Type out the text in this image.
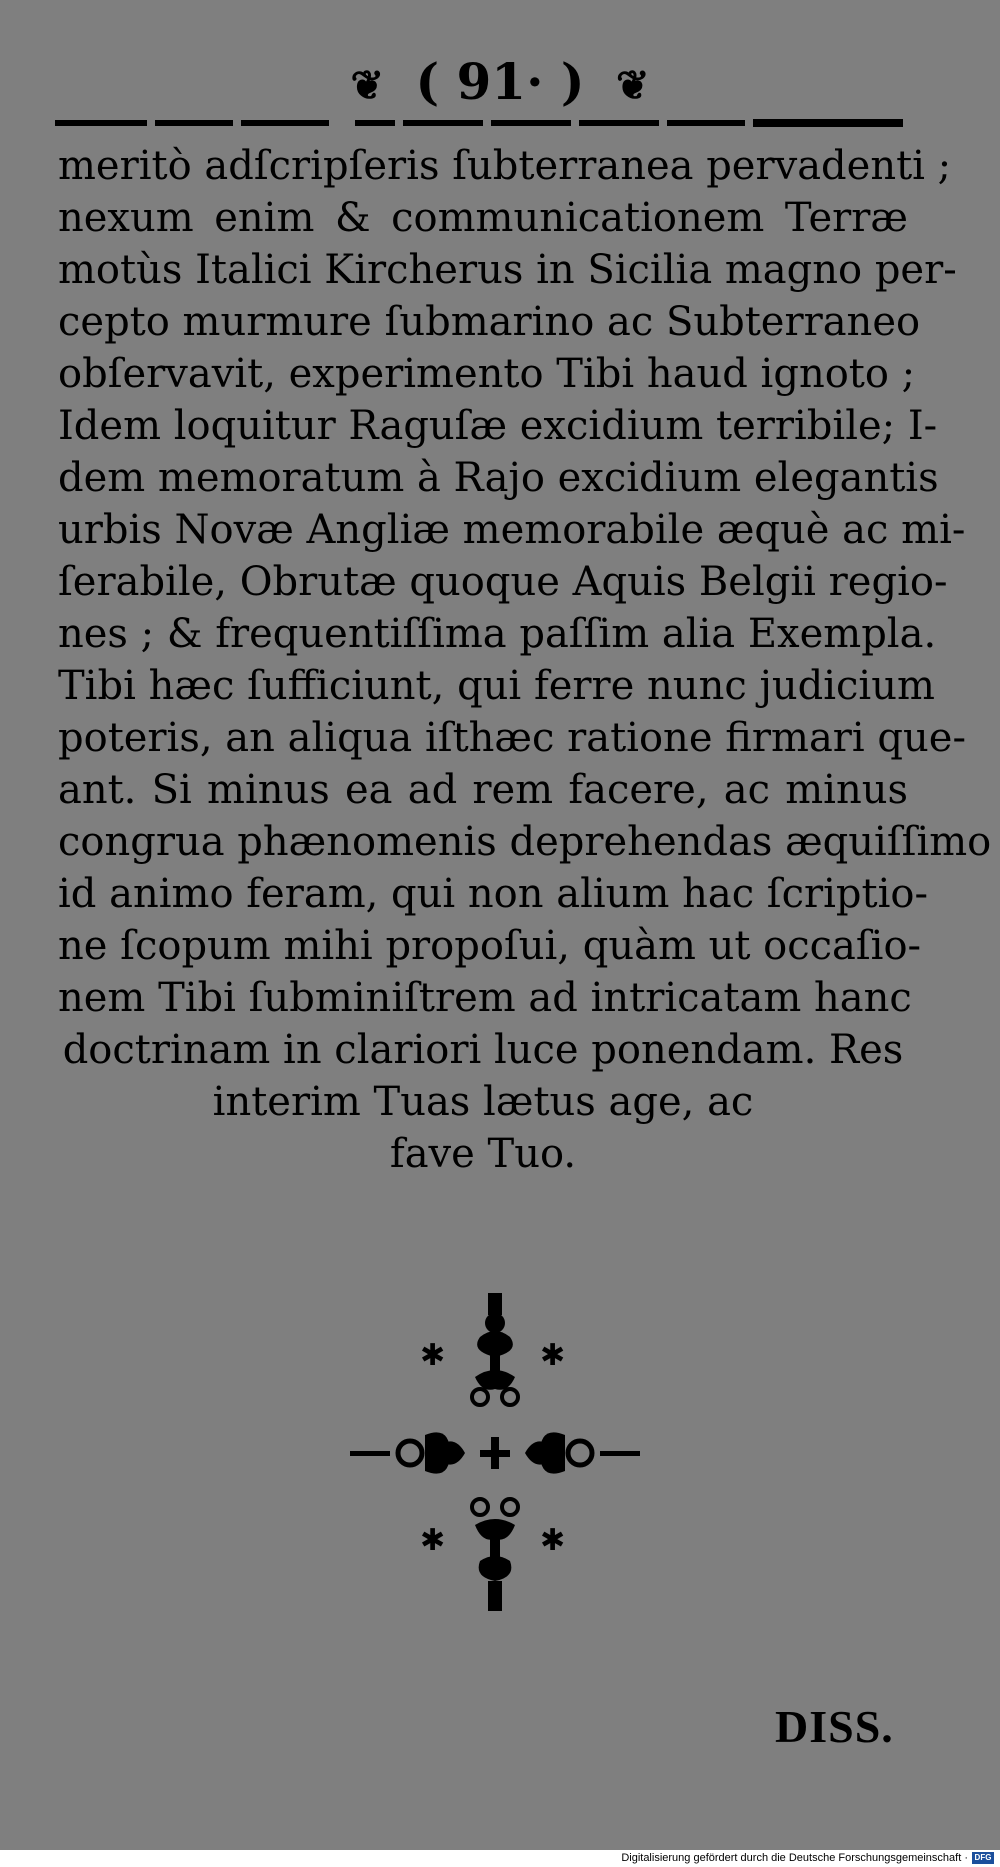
❦ ( 91· ) ❦
meritò adſcripſeris ſubterranea pervadenti ;
nexum enim & communicationem Terræ
motùs Italici Kircherus in Sicilia magno per-
cepto murmure ſubmarino ac Subterraneo
obſervavit, experimento Tibi haud ignoto ;
Idem loquitur Raguſæ excidium terribile; I-
dem memoratum à Rajo excidium elegantis
urbis Novæ Angliæ memorabile æquè ac mi-
ſerabile, Obrutæ quoque Aquis Belgii regio-
nes ; & frequentiſſima paſſim alia Exempla.
Tibi hæc ſufficiunt, qui ferre nunc judicium
poteris, an aliqua iſthæc ratione firmari que-
ant. Si minus ea ad rem facere, ac minus
congrua phænomenis deprehendas æquiſſimo
id animo feram, qui non alium hac ſcriptio-
ne ſcopum mihi propoſui, quàm ut occaſio-
nem Tibi ſubminiſtrem ad intricatam hanc
doctrinam in clariori luce ponendam. Res
interim Tuas lætus age, ac
fave Tuo.
✱	✱
✱	✱
DISS.
Digitalisierung gefördert durch die Deutsche Forschungsgemeinschaft · DFG
